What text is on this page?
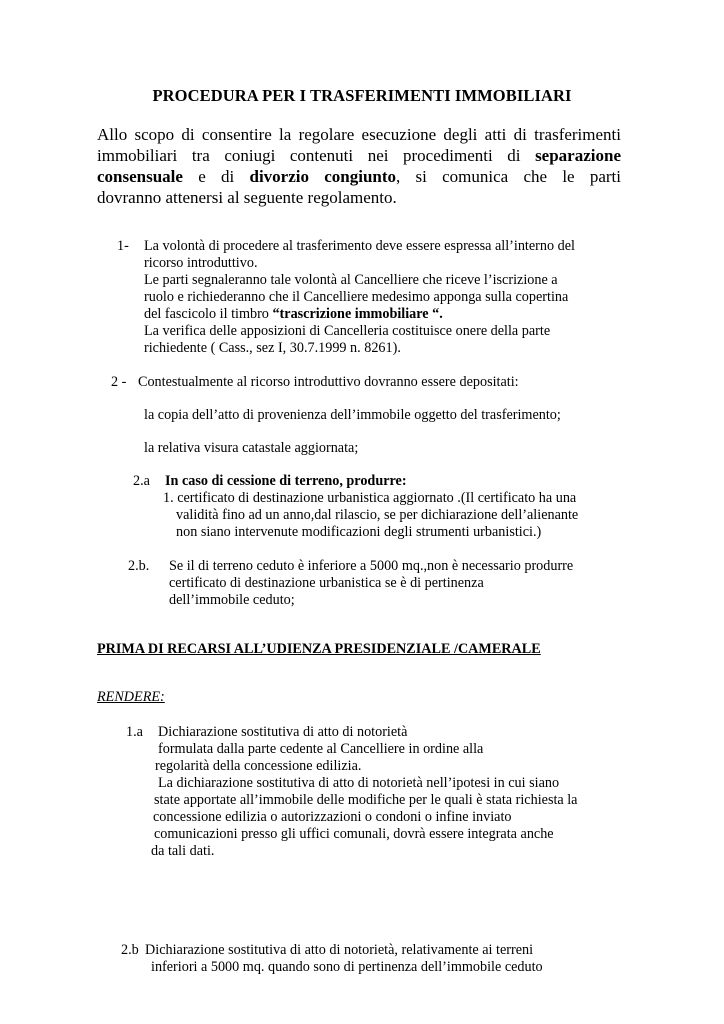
PROCEDURA PER I TRASFERIMENTI IMMOBILIARI
Allo scopo di consentire la regolare esecuzione degli atti di trasferimenti
immobiliari tra coniugi contenuti nei procedimenti di separazione
consensuale e di divorzio congiunto, si comunica che le parti
dovranno attenersi al seguente regolamento.
1- La volontà di procedere al trasferimento deve essere espressa all’interno del
ricorso introduttivo.
Le parti segnaleranno tale volontà al Cancelliere che riceve l’iscrizione a
ruolo e richiederanno che il Cancelliere medesimo apponga sulla copertina
del fascicolo il timbro “trascrizione immobiliare “.
La verifica delle apposizioni di Cancelleria costituisce onere della parte
richiedente ( Cass., sez I, 30.7.1999 n. 8261).
2 - Contestualmente al ricorso introduttivo dovranno essere depositati:
la copia dell’atto di provenienza dell’immobile oggetto del trasferimento;
la relativa visura catastale aggiornata;
2.a In caso di cessione di terreno, produrre:
1. certificato di destinazione urbanistica aggiornato .(Il certificato ha una
validità fino ad un anno,dal rilascio, se per dichiarazione dell’alienante
non siano intervenute modificazioni degli strumenti urbanistici.)
2.b. Se il di terreno ceduto è inferiore a 5000 mq.,non è necessario produrre
certificato di destinazione urbanistica se è di pertinenza
dell’immobile ceduto;
PRIMA DI RECARSI ALL’UDIENZA PRESIDENZIALE /CAMERALE
RENDERE:
1.a Dichiarazione sostitutiva di atto di notorietà
formulata dalla parte cedente al Cancelliere in ordine alla
regolarità della concessione edilizia.
La dichiarazione sostitutiva di atto di notorietà nell’ipotesi in cui siano
state apportate all’immobile delle modifiche per le quali è stata richiesta la
concessione edilizia o autorizzazioni o condoni o infine inviato
comunicazioni presso gli uffici comunali, dovrà essere integrata anche
da tali dati.
2.b Dichiarazione sostitutiva di atto di notorietà, relativamente ai terreni
inferiori a 5000 mq. quando sono di pertinenza dell’immobile ceduto
